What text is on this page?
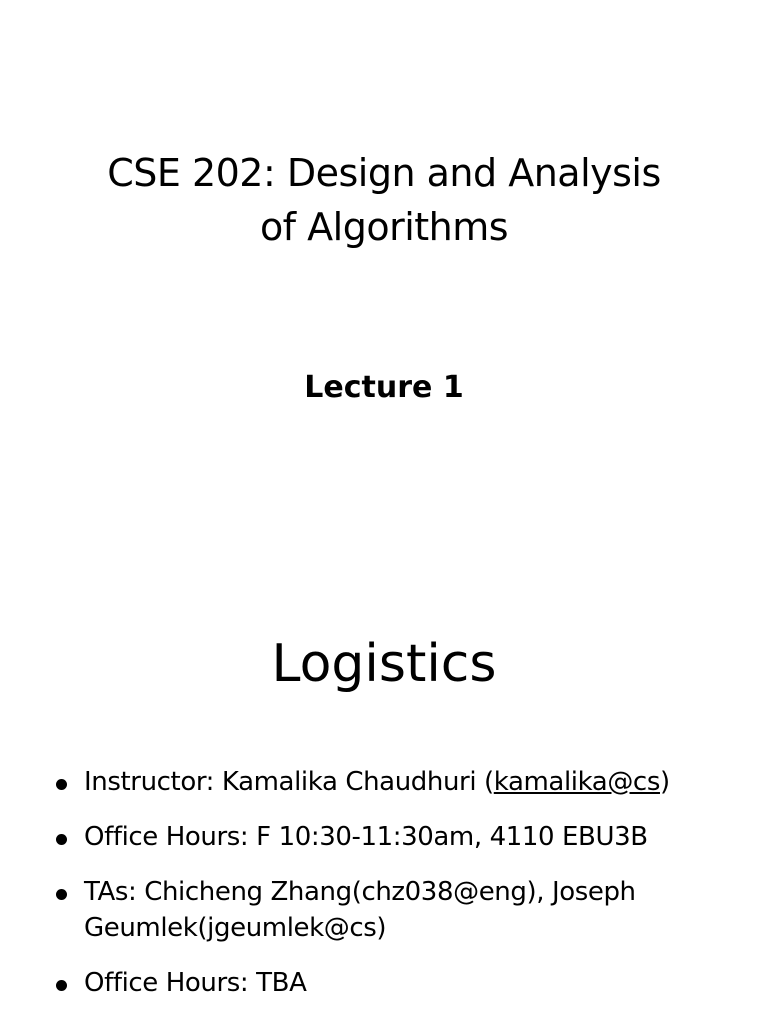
CSE 202: Design and Analysis
of Algorithms
Lecture 1
Logistics
Instructor: Kamalika Chaudhuri (kamalika@cs)
Office Hours: F 10:30-11:30am, 4110 EBU3B
TAs: Chicheng Zhang(chz038@eng), Joseph
Geumlek(jgeumlek@cs)
Office Hours: TBA
